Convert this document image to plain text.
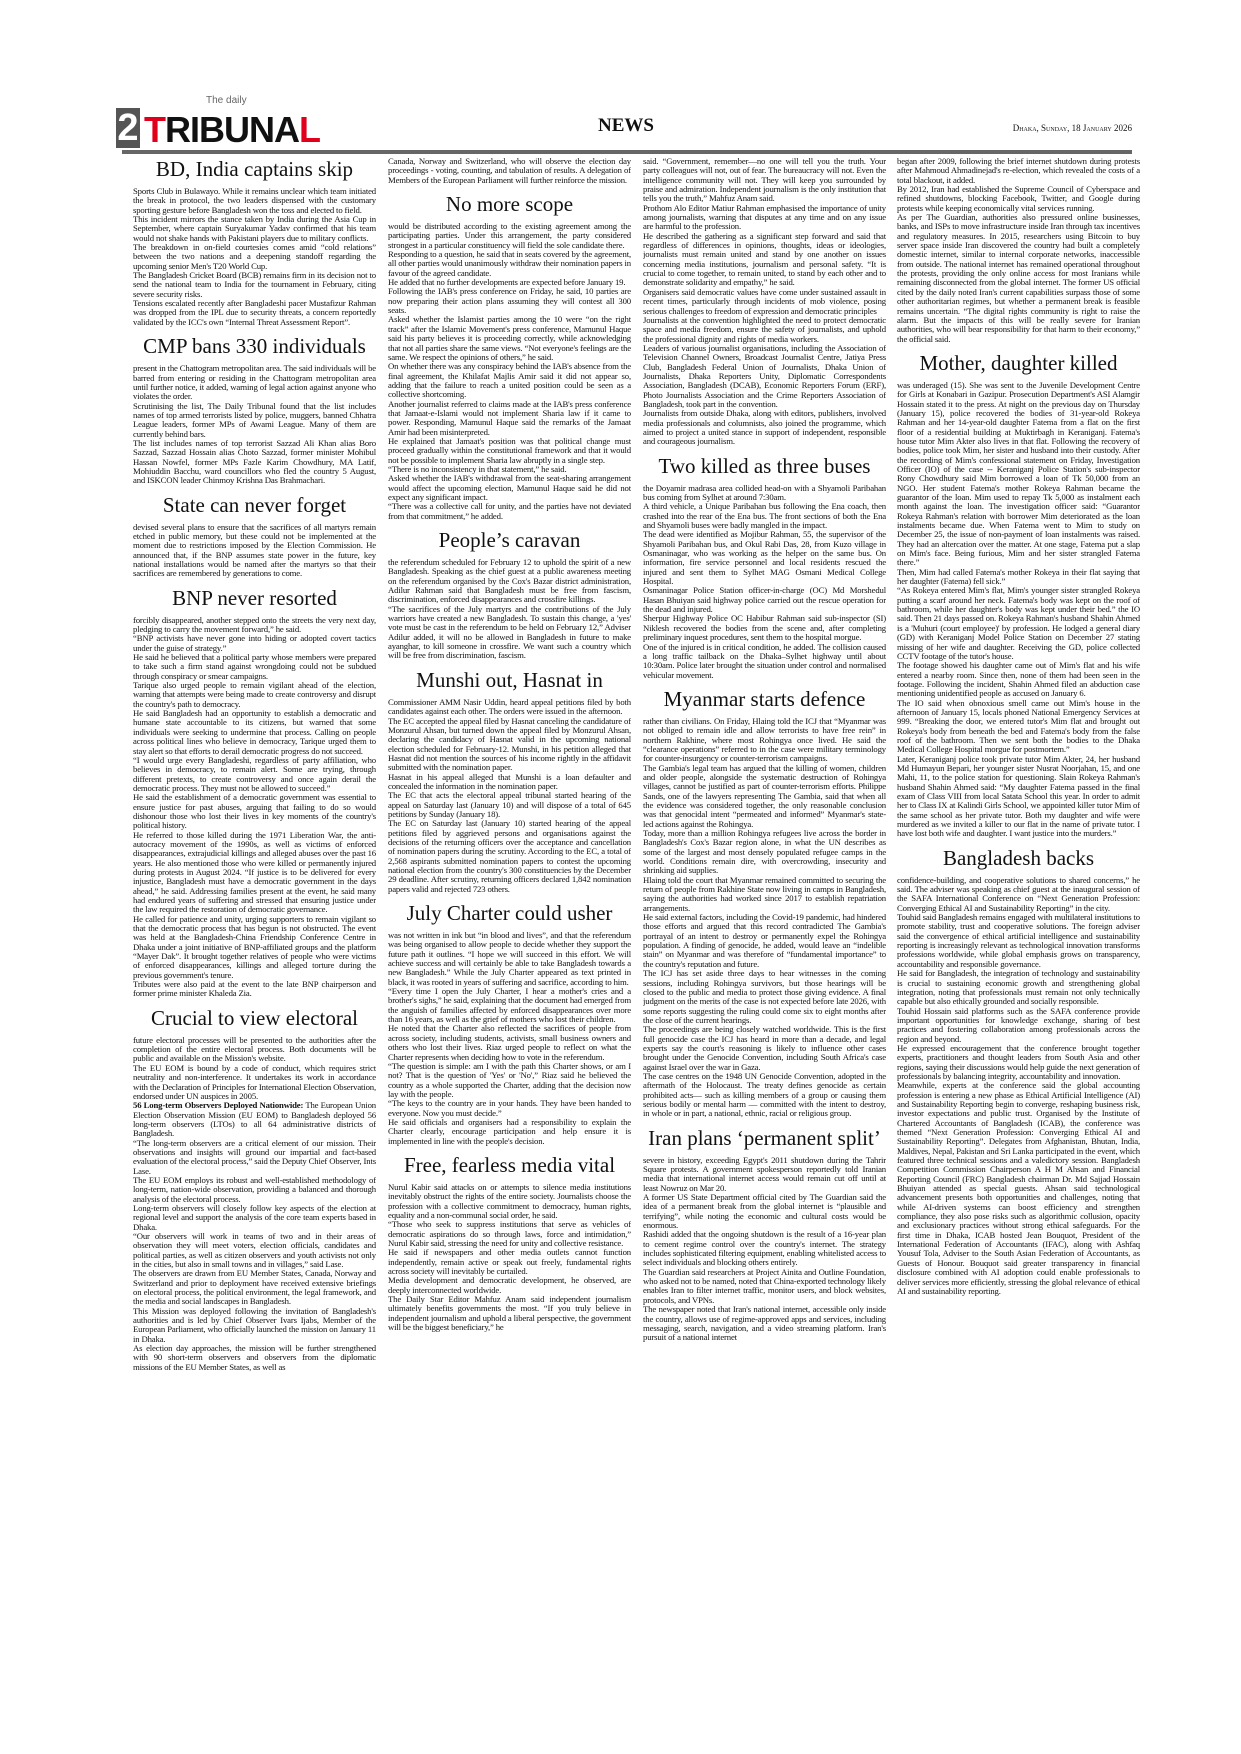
2
The daily
TRIBUNAL	NEWS	Dhaka, Sunday, 18 January 2026
BD, India captains skip

Sports Club in Bulawayo. While it remains unclear which team initiated the break in protocol, the two leaders dispensed with the customary sporting gesture before Bangladesh won the toss and elected to field.

This incident mirrors the stance taken by India during the Asia Cup in September, where captain Suryakumar Yadav confirmed that his team would not shake hands with Pakistani players due to military conflicts.

The breakdown in on-field courtesies comes amid “cold relations” between the two nations and a deepening standoff regarding the upcoming senior Men's T20 World Cup.

The Bangladesh Cricket Board (BCB) remains firm in its decision not to send the national team to India for the tournament in February, citing severe security risks.

Tensions escalated recently after Bangladeshi pacer Mustafizur Rahman was dropped from the IPL due to security threats, a concern reportedly validated by the ICC's own “Internal Threat Assessment Report”.

CMP bans 330 individuals

present in the Chattogram metropolitan area. The said individuals will be barred from entering or residing in the Chattogram metropolitan area until further notice, it added, warning of legal action against anyone who violates the order.

Scrutinising the list, The Daily Tribunal found that the list includes names of top armed terrorists listed by police, muggers, banned Chhatra League leaders, former MPs of Awami League. Many of them are currently behind bars.

The list includes names of top terrorist Sazzad Ali Khan alias Boro Sazzad, Sazzad Hossain alias Choto Sazzad, former minister Mohibul Hassan Nowfel, former MPs Fazle Karim Chowdhury, MA Latif, Mohiuddin Bacchu, ward councillors who fled the country 5 August, and ISKCON leader Chinmoy Krishna Das Brahmachari.

State can never forget

devised several plans to ensure that the sacrifices of all martyrs remain etched in public memory, but these could not be implemented at the moment due to restrictions imposed by the Election Commission. He announced that, if the BNP assumes state power in the future, key national installations would be named after the martyrs so that their sacrifices are remembered by generations to come.

BNP never resorted

forcibly disappeared, another stepped onto the streets the very next day, pledging to carry the movement forward,” he said.

“BNP activists have never gone into hiding or adopted covert tactics under the guise of strategy.”

He said he believed that a political party whose members were prepared to take such a firm stand against wrongdoing could not be subdued through conspiracy or smear campaigns.

Tarique also urged people to remain vigilant ahead of the election, warning that attempts were being made to create controversy and disrupt the country's path to democracy.

He said Bangladesh had an opportunity to establish a democratic and humane state accountable to its citizens, but warned that some individuals were seeking to undermine that process. Calling on people across political lines who believe in democracy, Tarique urged them to stay alert so that efforts to derail democratic progress do not succeed.

“I would urge every Bangladeshi, regardless of party affiliation, who believes in democracy, to remain alert. Some are trying, through different pretexts, to create controversy and once again derail the democratic process. They must not be allowed to succeed.”

He said the establishment of a democratic government was essential to ensure justice for past abuses, arguing that failing to do so would dishonour those who lost their lives in key moments of the country's political history.

He referred to those killed during the 1971 Liberation War, the anti-autocracy movement of the 1990s, as well as victims of enforced disappearances, extrajudicial killings and alleged abuses over the past 16 years. He also mentioned those who were killed or permanently injured during protests in August 2024. “If justice is to be delivered for every injustice, Bangladesh must have a democratic government in the days ahead,” he said. Addressing families present at the event, he said many had endured years of suffering and stressed that ensuring justice under the law required the restoration of democratic governance.

He called for patience and unity, urging supporters to remain vigilant so that the democratic process that has begun is not obstructed. The event was held at the Bangladesh-China Friendship Conference Centre in Dhaka under a joint initiative of BNP-affiliated groups and the platform “Mayer Dak”. It brought together relatives of people who were victims of enforced disappearances, killings and alleged torture during the previous government's tenure.

Tributes were also paid at the event to the late BNP chairperson and former prime minister Khaleda Zia.

Crucial to view electoral

future electoral processes will be presented to the authorities after the completion of the entire electoral process. Both documents will be public and available on the Mission's website.

The EU EOM is bound by a code of conduct, which requires strict neutrality and non-interference. It undertakes its work in accordance with the Declaration of Principles for International Election Observation, endorsed under UN auspices in 2005.

56 Long-term Observers Deployed Nationwide: The European Union Election Observation Mission (EU EOM) to Bangladesh deployed 56 long-term observers (LTOs) to all 64 administrative districts of Bangladesh.

“The long-term observers are a critical element of our mission. Their observations and insights will ground our impartial and fact-based evaluation of the electoral process,” said the Deputy Chief Observer, Ints Lase.

The EU EOM employs its robust and well-established methodology of long-term, nation-wide observation, providing a balanced and thorough analysis of the electoral process.

Long-term observers will closely follow key aspects of the election at regional level and support the analysis of the core team experts based in Dhaka.

“Our observers will work in teams of two and in their areas of observation they will meet voters, election officials, candidates and political parties, as well as citizen observers and youth activists not only in the cities, but also in small towns and in villages,” said Lase.

The observers are drawn from EU Member States, Canada, Norway and Switzerland and prior to deployment have received extensive briefings on electoral process, the political environment, the legal framework, and the media and social landscapes in Bangladesh.

This Mission was deployed following the invitation of Bangladesh's authorities and is led by Chief Observer Ivars Ijabs, Member of the European Parliament, who officially launched the mission on January 11 in Dhaka.

As election day approaches, the mission will be further strengthened with 90 short-term observers and observers from the diplomatic missions of the EU Member States, as well as

Canada, Norway and Switzerland, who will observe the election day proceedings - voting, counting, and tabulation of results. A delegation of Members of the European Parliament will further reinforce the mission.

No more scope

would be distributed according to the existing agreement among the participating parties. Under this arrangement, the party considered strongest in a particular constituency will field the sole candidate there.

Responding to a question, he said that in seats covered by the agreement, all other parties would unanimously withdraw their nomination papers in favour of the agreed candidate.

He added that no further developments are expected before January 19.

Following the IAB's press conference on Friday, he said, 10 parties are now preparing their action plans assuming they will contest all 300 seats.

Asked whether the Islamist parties among the 10 were “on the right track” after the Islamic Movement's press conference, Mamunul Haque said his party believes it is proceeding correctly, while acknowledging that not all parties share the same views. “Not everyone's feelings are the same. We respect the opinions of others,” he said.

On whether there was any conspiracy behind the IAB's absence from the final agreement, the Khilafat Majlis Amir said it did not appear so, adding that the failure to reach a united position could be seen as a collective shortcoming.

Another journalist referred to claims made at the IAB's press conference that Jamaat-e-Islami would not implement Sharia law if it came to power. Responding, Mamunul Haque said the remarks of the Jamaat Amir had been misinterpreted.

He explained that Jamaat's position was that political change must proceed gradually within the constitutional framework and that it would not be possible to implement Sharia law abruptly in a single step.

“There is no inconsistency in that statement,” he said.

Asked whether the IAB's withdrawal from the seat-sharing arrangement would affect the upcoming election, Mamunul Haque said he did not expect any significant impact.

“There was a collective call for unity, and the parties have not deviated from that commitment,” he added.

People’s caravan

the referendum scheduled for February 12 to uphold the spirit of a new Bangladesh. Speaking as the chief guest at a public awareness meeting on the referendum organised by the Cox's Bazar district administration, Adilur Rahman said that Bangladesh must be free from fascism, discrimination, enforced disappearances and crossfire killings.

“The sacrifices of the July martyrs and the contributions of the July warriors have created a new Bangladesh. To sustain this change, a 'yes' vote must be cast in the referendum to be held on February 12,” Adviser Adilur added, it will no be allowed in Bangladesh in future to make ayanghar, to kill someone in crossfire. We want such a country which will be free from discrimination, fascism.

Munshi out, Hasnat in

Commissioner AMM Nasir Uddin, heard appeal petitions filed by both candidates against each other. The orders were issued in the afternoon.

The EC accepted the appeal filed by Hasnat canceling the candidature of Monzurul Ahsan, but turned down the appeal filed by Monzurul Ahsan, declaring the candidacy of Hasnat valid in the upcoming national election scheduled for February-12. Munshi, in his petition alleged that Hasnat did not mention the sources of his income rightly in the affidavit submitted with the nomination paper.

Hasnat in his appeal alleged that Munshi is a loan defaulter and concealed the information in the nomination paper.

The EC that acts the electoral appeal tribunal started hearing of the appeal on Saturday last (January 10) and will dispose of a total of 645 petitions by Sunday (January 18).

The EC on Saturday last (January 10) started hearing of the appeal petitions filed by aggrieved persons and organisations against the decisions of the returning officers over the acceptance and cancellation of nomination papers during the scrutiny. According to the EC, a total of 2,568 aspirants submitted nomination papers to contest the upcoming national election from the country's 300 constituencies by the December 29 deadline. After scrutiny, returning officers declared 1,842 nomination papers valid and rejected 723 others.

July Charter could usher

was not written in ink but “in blood and lives”, and that the referendum was being organised to allow people to decide whether they support the future path it outlines. “I hope we will succeed in this effort. We will achieve success and will certainly be able to take Bangladesh towards a new Bangladesh.” While the July Charter appeared as text printed in black, it was rooted in years of suffering and sacrifice, according to him.

“Every time I open the July Charter, I hear a mother's cries and a brother's sighs,” he said, explaining that the document had emerged from the anguish of families affected by enforced disappearances over more than 16 years, as well as the grief of mothers who lost their children.

He noted that the Charter also reflected the sacrifices of people from across society, including students, activists, small business owners and others who lost their lives. Riaz urged people to reflect on what the Charter represents when deciding how to vote in the referendum.

“The question is simple: am I with the path this Charter shows, or am I not? That is the question of 'Yes' or 'No',” Riaz said he believed the country as a whole supported the Charter, adding that the decision now lay with the people.

“The keys to the country are in your hands. They have been handed to everyone. Now you must decide.”

He said officials and organisers had a responsibility to explain the Charter clearly, encourage participation and help ensure it is implemented in line with the people's decision.

Free, fearless media vital

Nurul Kabir said attacks on or attempts to silence media institutions inevitably obstruct the rights of the entire society. Journalists choose the profession with a collective commitment to democracy, human rights, equality and a non-communal social order, he said.

“Those who seek to suppress institutions that serve as vehicles of democratic aspirations do so through laws, force and intimidation,” Nurul Kabir said, stressing the need for unity and collective resistance.

He said if newspapers and other media outlets cannot function independently, remain active or speak out freely, fundamental rights across society will inevitably be curtailed.

Media development and democratic development, he observed, are deeply interconnected worldwide.

The Daily Star Editor Mahfuz Anam said independent journalism ultimately benefits governments the most. “If you truly believe in independent journalism and uphold a liberal perspective, the government will be the biggest beneficiary,” he

said. “Government, remember—no one will tell you the truth. Your party colleagues will not, out of fear. The bureaucracy will not. Even the intelligence community will not. They will keep you surrounded by praise and admiration. Independent journalism is the only institution that tells you the truth,” Mahfuz Anam said.

Prothom Alo Editor Matiur Rahman emphasised the importance of unity among journalists, warning that disputes at any time and on any issue are harmful to the profession.

He described the gathering as a significant step forward and said that regardless of differences in opinions, thoughts, ideas or ideologies, journalists must remain united and stand by one another on issues concerning media institutions, journalism and personal safety. “It is crucial to come together, to remain united, to stand by each other and to demonstrate solidarity and empathy,” he said.

Organisers said democratic values have come under sustained assault in recent times, particularly through incidents of mob violence, posing serious challenges to freedom of expression and democratic principles

Journalists at the convention highlighted the need to protect democratic space and media freedom, ensure the safety of journalists, and uphold the professional dignity and rights of media workers.

Leaders of various journalist organisations, including the Association of Television Channel Owners, Broadcast Journalist Centre, Jatiya Press Club, Bangladesh Federal Union of Journalists, Dhaka Union of Journalists, Dhaka Reporters Unity, Diplomatic Correspondents Association, Bangladesh (DCAB), Economic Reporters Forum (ERF), Photo Journalists Association and the Crime Reporters Association of Bangladesh, took part in the convention.

Journalists from outside Dhaka, along with editors, publishers, involved media professionals and columnists, also joined the programme, which aimed to project a united stance in support of independent, responsible and courageous journalism.

Two killed as three buses

the Doyamir madrasa area collided head-on with a Shyamoli Paribahan bus coming from Sylhet at around 7:30am.

A third vehicle, a Unique Paribahan bus following the Ena coach, then crashed into the rear of the Ena bus. The front sections of both the Ena and Shyamoli buses were badly mangled in the impact.

The dead were identified as Mojibur Rahman, 55, the supervisor of the Shyamoli Paribahan bus, and Okul Rabi Das, 28, from Kuzo village in Osmaninagar, who was working as the helper on the same bus. On information, fire service personnel and local residents rescued the injured and sent them to Sylhet MAG Osmani Medical College Hospital.

Osmaninagar Police Station officer-in-charge (OC) Md Morshedul Hasan Bhuiyan said highway police carried out the rescue operation for the dead and injured.

Sherpur Highway Police OC Habibur Rahman said sub-inspector (SI) Niklesh recovered the bodies from the scene and, after completing preliminary inquest procedures, sent them to the hospital morgue.

One of the injured is in critical condition, he added. The collision caused a long traffic tailback on the Dhaka–Sylhet highway until about 10:30am. Police later brought the situation under control and normalised vehicular movement.

Myanmar starts defence

rather than civilians. On Friday, Hlaing told the ICJ that “Myanmar was not obliged to remain idle and allow terrorists to have free rein” in northern Rakhine, where most Rohingya once lived. He said the “clearance operations” referred to in the case were military terminology for counter-insurgency or counter-terrorism campaigns.

The Gambia's legal team has argued that the killing of women, children and older people, alongside the systematic destruction of Rohingya villages, cannot be justified as part of counter-terrorism efforts. Philippe Sands, one of the lawyers representing The Gambia, said that when all the evidence was considered together, the only reasonable conclusion was that genocidal intent “permeated and informed” Myanmar's state-led actions against the Rohingya.

Today, more than a million Rohingya refugees live across the border in Bangladesh's Cox's Bazar region alone, in what the UN describes as some of the largest and most densely populated refugee camps in the world. Conditions remain dire, with overcrowding, insecurity and shrinking aid supplies.

Hlaing told the court that Myanmar remained committed to securing the return of people from Rakhine State now living in camps in Bangladesh, saying the authorities had worked since 2017 to establish repatriation arrangements.

He said external factors, including the Covid-19 pandemic, had hindered those efforts and argued that this record contradicted The Gambia's portrayal of an intent to destroy or permanently expel the Rohingya population. A finding of genocide, he added, would leave an “indelible stain” on Myanmar and was therefore of “fundamental importance” to the country's reputation and future.

The ICJ has set aside three days to hear witnesses in the coming sessions, including Rohingya survivors, but those hearings will be closed to the public and media to protect those giving evidence. A final judgment on the merits of the case is not expected before late 2026, with some reports suggesting the ruling could come six to eight months after the close of the current hearings.

The proceedings are being closely watched worldwide. This is the first full genocide case the ICJ has heard in more than a decade, and legal experts say the court's reasoning is likely to influence other cases brought under the Genocide Convention, including South Africa's case against Israel over the war in Gaza.

The case centres on the 1948 UN Genocide Convention, adopted in the aftermath of the Holocaust. The treaty defines genocide as certain prohibited acts— such as killing members of a group or causing them serious bodily or mental harm — committed with the intent to destroy, in whole or in part, a national, ethnic, racial or religious group.

Iran plans ‘permanent split’

severe in history, exceeding Egypt's 2011 shutdown during the Tahrir Square protests. A government spokesperson reportedly told Iranian media that international internet access would remain cut off until at least Nowruz on Mar 20.

A former US State Department official cited by The Guardian said the idea of a permanent break from the global internet is “plausible and terrifying”, while noting the economic and cultural costs would be enormous.

Rashidi added that the ongoing shutdown is the result of a 16-year plan to cement regime control over the country's internet. The strategy includes sophisticated filtering equipment, enabling whitelisted access to select individuals and blocking others entirely.

The Guardian said researchers at Project Ainita and Outline Foundation, who asked not to be named, noted that China-exported technology likely enables Iran to filter internet traffic, monitor users, and block websites, protocols, and VPNs.

The newspaper noted that Iran's national internet, accessible only inside the country, allows use of regime-approved apps and services, including messaging, search, navigation, and a video streaming platform. Iran's pursuit of a national internet

began after 2009, following the brief internet shutdown during protests after Mahmoud Ahmadinejad's re-election, which revealed the costs of a total blackout, it added.

By 2012, Iran had established the Supreme Council of Cyberspace and refined shutdowns, blocking Facebook, Twitter, and Google during protests while keeping economically vital services running.

As per The Guardian, authorities also pressured online businesses, banks, and ISPs to move infrastructure inside Iran through tax incentives and regulatory measures. In 2015, researchers using Bitcoin to buy server space inside Iran discovered the country had built a completely domestic internet, similar to internal corporate networks, inaccessible from outside. The national internet has remained operational throughout the protests, providing the only online access for most Iranians while remaining disconnected from the global internet. The former US official cited by the daily noted Iran's current capabilities surpass those of some other authoritarian regimes, but whether a permanent break is feasible remains uncertain. “The digital rights community is right to raise the alarm. But the impacts of this will be really severe for Iranian authorities, who will bear responsibility for that harm to their economy,” the official said.

Mother, daughter killed

was underaged (15). She was sent to the Juvenile Development Centre for Girls at Konabari in Gazipur. Prosecution Department's ASI Alamgir Hossain stated it to the press. At night on the previous day on Thursday (January 15), police recovered the bodies of 31-year-old Rokeya Rahman and her 14-year-old daughter Fatema from a flat on the first floor of a residential building at Muktirbagh in Keraniganj. Fatema's house tutor Mim Akter also lives in that flat. Following the recovery of bodies, police took Mim, her sister and husband into their custody. After the recording of Mim's confessional statement on Friday, Investigation Officer (IO) of the case -- Keraniganj Police Station's sub-inspector Rony Chowdhury said Mim borrowed a loan of Tk 50,000 from an NGO. Her student Fatema's mother Rokeya Rahman became the guarantor of the loan. Mim used to repay Tk 5,000 as instalment each month against the loan. The investigation officer said: “Guarantor Rokeya Rahman's relation with borrower Mim deteriorated as the loan instalments became due. When Fatema went to Mim to study on December 25, the issue of non-payment of loan instalments was raised. They had an altercation over the matter. At one stage, Fatema put a slap on Mim's face. Being furious, Mim and her sister strangled Fatema there.”

Then, Mim had called Fatema's mother Rokeya in their flat saying that her daughter (Fatema) fell sick.”

“As Rokeya entered Mim's flat, Mim's younger sister strangled Rokeya putting a scarf around her neck. Fatema's body was kept on the roof of bathroom, while her daughter's body was kept under their bed.” the IO said. Then 21 days passed on. Rokeya Rahman's husband Shahin Ahmed is a 'Muhuri (court employee)' by profession. He lodged a general diary (GD) with Keraniganj Model Police Station on December 27 stating missing of her wife and daughter. Receiving the GD, police collected CCTV footage of the tutor's house.

The footage showed his daughter came out of Mim's flat and his wife entered a nearby room. Since then, none of them had been seen in the footage. Following the incident, Shahin Ahmed filed an abduction case mentioning unidentified people as accused on January 6.

The IO said when obnoxious smell came out Mim's house in the afternoon of January 15, locals phoned National Emergency Services at 999. “Breaking the door, we entered tutor's Mim flat and brought out Rokeya's body from beneath the bed and Fatema's body from the false roof of the bathroom. Then we sent both the bodies to the Dhaka Medical College Hospital morgue for postmortem.”

Later, Keraniganj police took private tutor Mim Akter, 24, her husband Md Humayun Bepari, her younger sister Nusrat Noorjahan, 15, and one Mahi, 11, to the police station for questioning. Slain Rokeya Rahman's husband Shahin Ahmed said: “My daughter Fatema passed in the final exam of Class VIII from local Satata School this year. In order to admit her to Class IX at Kalindi Girls School, we appointed killer tutor Mim of the same school as her private tutor. Both my daughter and wife were murdered as we invited a killer to our flat in the name of private tutor. I have lost both wife and daughter. I want justice into the murders.”

Bangladesh backs

confidence-building, and cooperative solutions to shared concerns,” he said. The adviser was speaking as chief guest at the inaugural session of the SAFA International Conference on “Next Generation Profession: Converging Ethical AI and Sustainability Reporting” in the city.

Touhid said Bangladesh remains engaged with multilateral institutions to promote stability, trust and cooperative solutions. The foreign adviser said the convergence of ethical artificial intelligence and sustainability reporting is increasingly relevant as technological innovation transforms professions worldwide, while global emphasis grows on transparency, accountability and responsible governance.

He said for Bangladesh, the integration of technology and sustainability is crucial to sustaining economic growth and strengthening global integration, noting that professionals must remain not only technically capable but also ethically grounded and socially responsible.

Touhid Hossain said platforms such as the SAFA conference provide important opportunities for knowledge exchange, sharing of best practices and fostering collaboration among professionals across the region and beyond.

He expressed encouragement that the conference brought together experts, practitioners and thought leaders from South Asia and other regions, saying their discussions would help guide the next generation of professionals by balancing integrity, accountability and innovation.

Meanwhile, experts at the conference said the global accounting profession is entering a new phase as Ethical Artificial Intelligence (AI) and Sustainability Reporting begin to converge, reshaping business risk, investor expectations and public trust. Organised by the Institute of Chartered Accountants of Bangladesh (ICAB), the conference was themed “Next Generation Profession: Converging Ethical AI and Sustainability Reporting”. Delegates from Afghanistan, Bhutan, India, Maldives, Nepal, Pakistan and Sri Lanka participated in the event, which featured three technical sessions and a valedictory session. Bangladesh Competition Commission Chairperson A H M Ahsan and Financial Reporting Council (FRC) Bangladesh chairman Dr. Md Sajjad Hossain Bhuiyan attended as special guests. Ahsan said technological advancement presents both opportunities and challenges, noting that while AI-driven systems can boost efficiency and strengthen compliance, they also pose risks such as algorithmic collusion, opacity and exclusionary practices without strong ethical safeguards. For the first time in Dhaka, ICAB hosted Jean Bouquot, President of the International Federation of Accountants (IFAC), along with Ashfaq Yousuf Tola, Adviser to the South Asian Federation of Accountants, as Guests of Honour. Bouquot said greater transparency in financial disclosure combined with AI adoption could enable professionals to deliver services more efficiently, stressing the global relevance of ethical AI and sustainability reporting.
